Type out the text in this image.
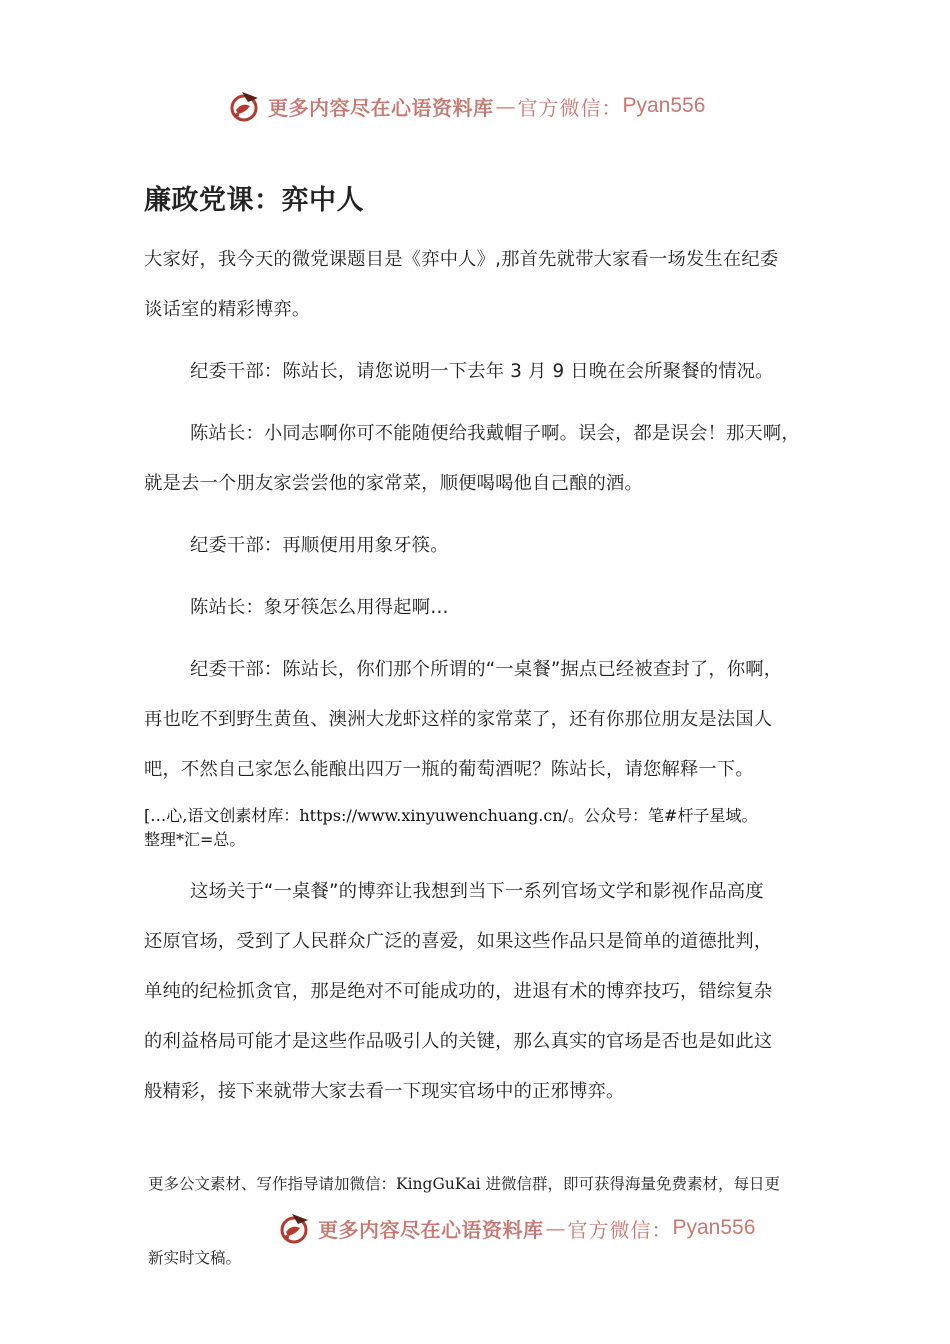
更多内容尽在心语资料库 — 官方微信： Pyan556
廉政党课：弈中人
大家好，我今天的微党课题目是《弈中人》,那首先就带大家看一场发生在纪委
谈话室的精彩博弈。
纪委干部：陈站长，请您说明一下去年 3 月 9 日晚在会所聚餐的情况。
陈站长：小同志啊你可不能随便给我戴帽子啊。误会，都是误会！那天啊，
就是去一个朋友家尝尝他的家常菜，顺便喝喝他自己酿的酒。
纪委干部：再顺便用用象牙筷。
陈站长：象牙筷怎么用得起啊…
纪委干部：陈站长，你们那个所谓的“一桌餐”据点已经被查封了，你啊，
再也吃不到野生黄鱼、澳洲大龙虾这样的家常菜了，还有你那位朋友是法国人
吧，不然自己家怎么能酿出四万一瓶的葡萄酒呢？陈站长，请您解释一下。
[…心,语文创素材库：https://www.xinyuwenchuang.cn/。公众号：笔#杆子星域。
整理*汇=总。
这场关于“一桌餐”的博弈让我想到当下一系列官场文学和影视作品高度
还原官场，受到了人民群众广泛的喜爱，如果这些作品只是简单的道德批判，
单纯的纪检抓贪官，那是绝对不可能成功的，进退有术的博弈技巧，错综复杂
的利益格局可能才是这些作品吸引人的关键，那么真实的官场是否也是如此这
般精彩，接下来就带大家去看一下现实官场中的正邪博弈。
更多公文素材、写作指导请加微信：KingGuKai 进微信群，即可获得海量免费素材，每日更
更多内容尽在心语资料库 — 官方微信： Pyan556
新实时文稿。
